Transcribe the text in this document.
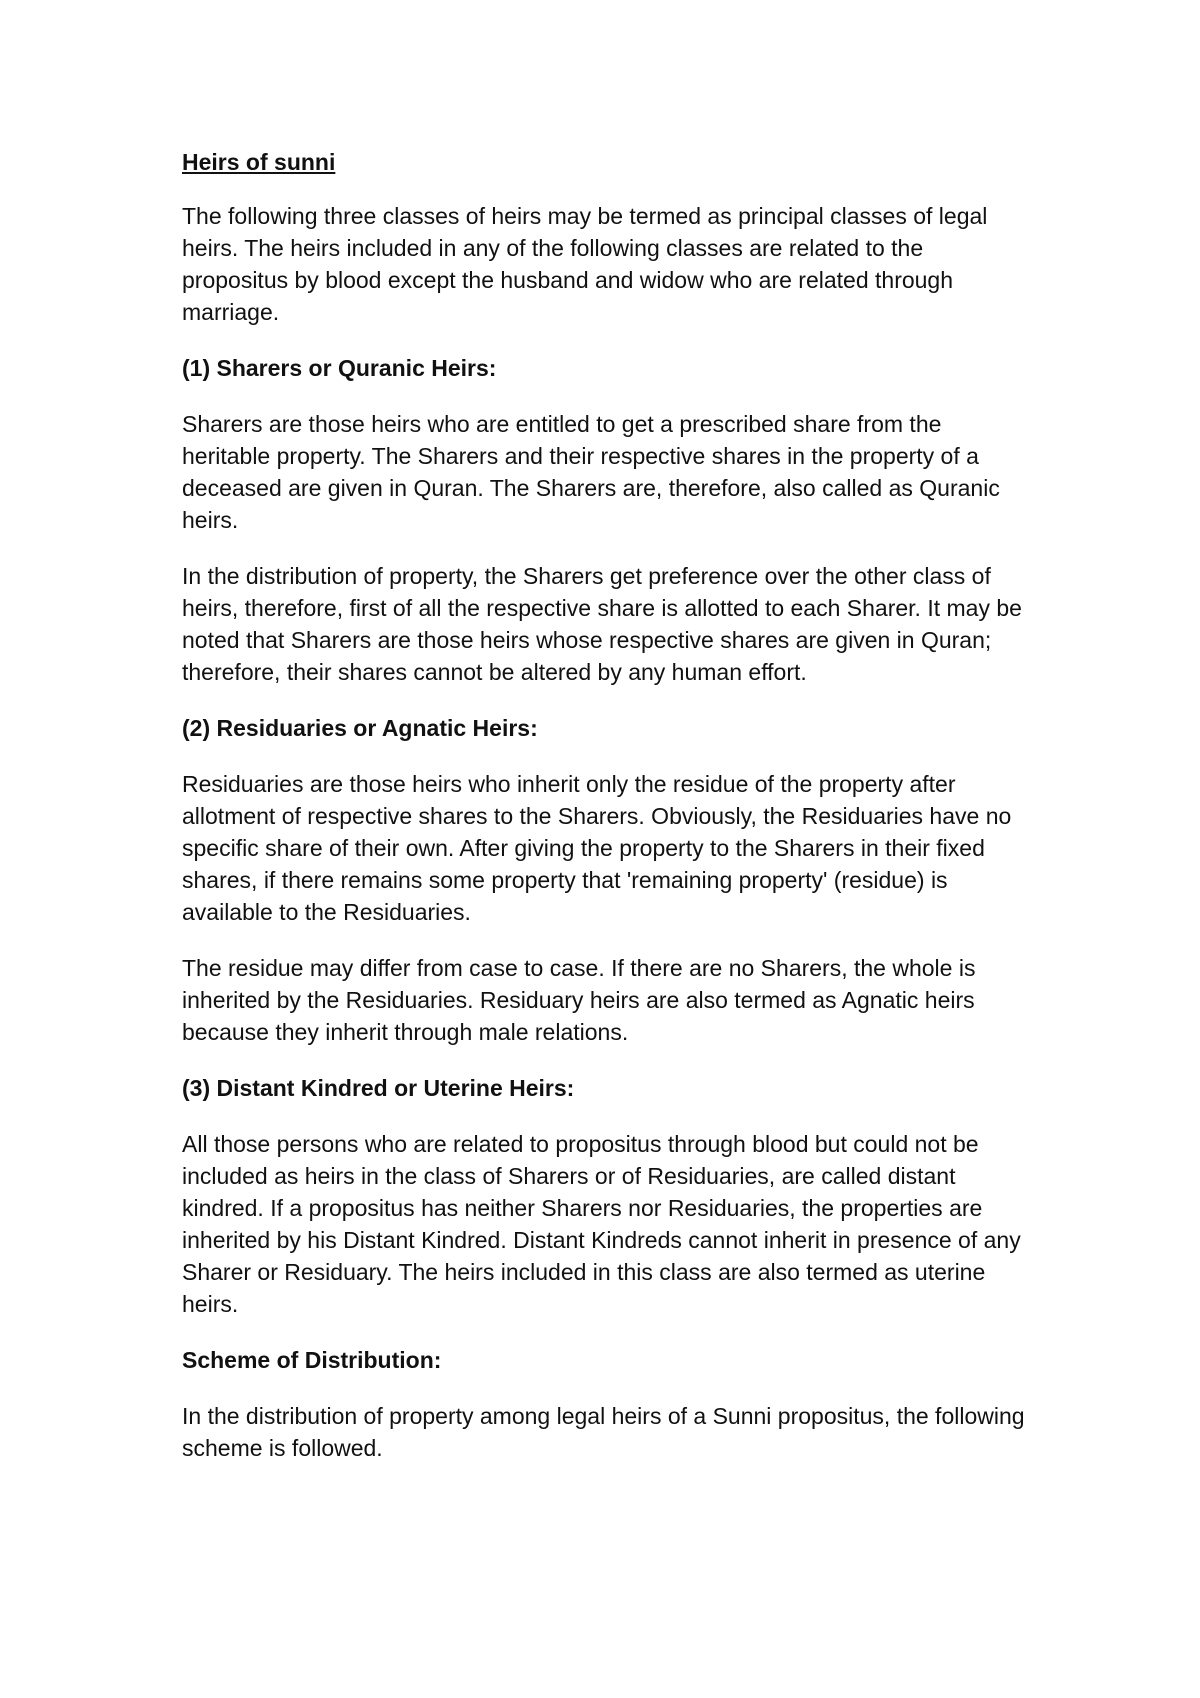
Heirs of sunni

The following three classes of heirs may be termed as principal classes of legal heirs. The heirs included in any of the following classes are related to the propositus by blood except the husband and widow who are related through marriage.

(1) Sharers or Quranic Heirs:

Sharers are those heirs who are entitled to get a prescribed share from the heritable property. The Sharers and their respective shares in the property of a deceased are given in Quran. The Sharers are, therefore, also called as Quranic heirs.

In the distribution of property, the Sharers get preference over the other class of heirs, therefore, first of all the respective share is allotted to each Sharer. It may be noted that Sharers are those heirs whose respective shares are given in Quran; therefore, their shares cannot be altered by any human effort.

(2) Residuaries or Agnatic Heirs:

Residuaries are those heirs who inherit only the residue of the property after allotment of respective shares to the Sharers. Obviously, the Residuaries have no specific share of their own. After giving the property to the Sharers in their fixed shares, if there remains some property that 'remaining property' (residue) is available to the Residuaries.

The residue may differ from case to case. If there are no Sharers, the whole is inherited by the Residuaries. Residuary heirs are also termed as Agnatic heirs because they inherit through male relations.

(3) Distant Kindred or Uterine Heirs:

All those persons who are related to propositus through blood but could not be included as heirs in the class of Sharers or of Residuaries, are called distant kindred. If a propositus has neither Sharers nor Residuaries, the properties are inherited by his Distant Kindred. Distant Kindreds cannot inherit in presence of any Sharer or Residuary. The heirs included in this class are also termed as uterine heirs.

Scheme of Distribution:

In the distribution of property among legal heirs of a Sunni propositus, the following scheme is followed.
